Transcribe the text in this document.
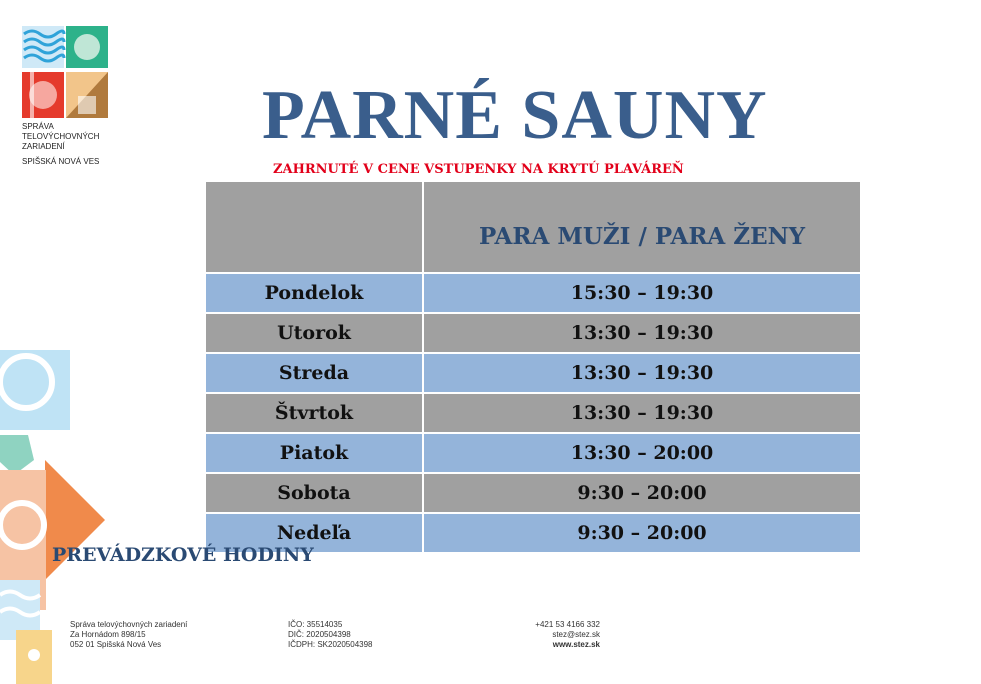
SPRÁVA
TELOVÝCHOVNÝCH
ZARIADENÍ
SPIŠSKÁ NOVÁ VES
PARNÉ SAUNY
ZAHRNUTÉ V CENE VSTUPENKY NA KRYTÚ PLAVÁREŇ
	PARA MUŽI / PARA ŽENY
Pondelok	15:30 – 19:30
Utorok	13:30 – 19:30
Streda	13:30 – 19:30
Štvrtok	13:30 – 19:30
Piatok	13:30 – 20:00
Sobota	9:30 – 20:00
Nedeľa	9:30 – 20:00
PREVÁDZKOVÉ HODINY
Správa telovýchovných zariadení
Za Hornádom 898/15
052 01 Spišská Nová Ves
IČO: 35514035
DIČ: 2020504398
IČDPH: SK2020504398
+421 53 4166 332
stez@stez.sk
www.stez.sk
